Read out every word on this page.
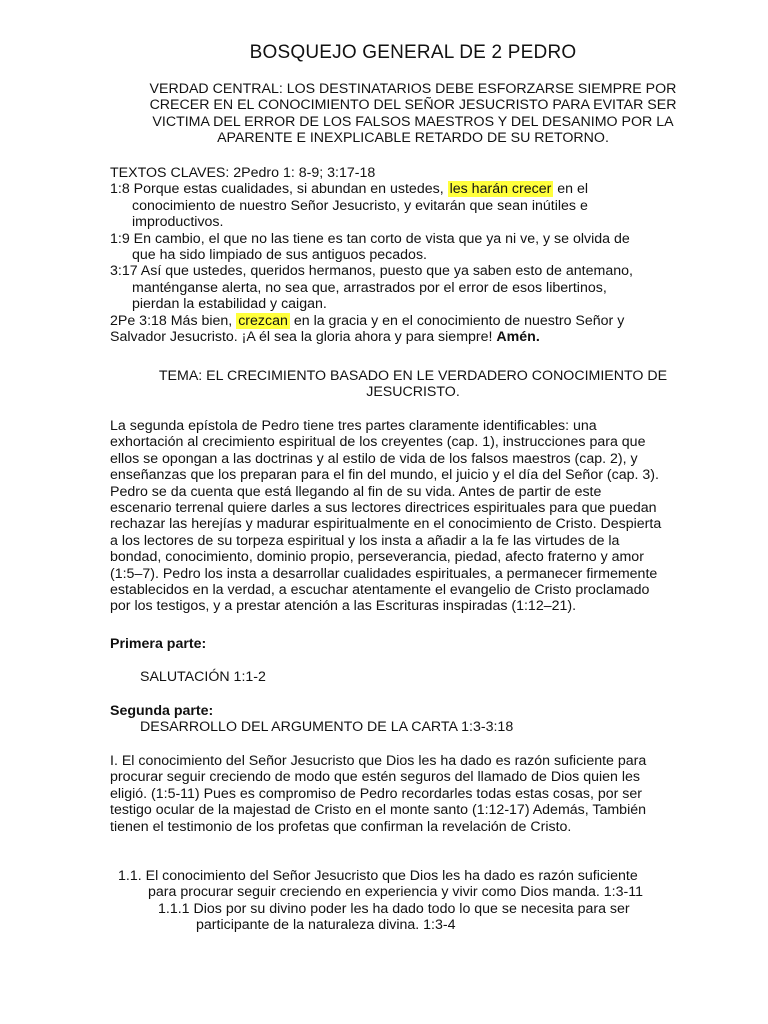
BOSQUEJO GENERAL DE 2 PEDRO
VERDAD CENTRAL: LOS DESTINATARIOS DEBE ESFORZARSE SIEMPRE POR
CRECER EN EL CONOCIMIENTO DEL SEÑOR JESUCRISTO PARA EVITAR SER
VICTIMA DEL ERROR DE LOS FALSOS MAESTROS Y DEL DESANIMO POR LA
APARENTE E INEXPLICABLE RETARDO DE SU RETORNO.
TEXTOS CLAVES: 2Pedro 1: 8-9; 3:17-18
1:8 Porque estas cualidades, si abundan en ustedes, les harán crecer en el
conocimiento de nuestro Señor Jesucristo, y evitarán que sean inútiles e
improductivos.
1:9 En cambio, el que no las tiene es tan corto de vista que ya ni ve, y se olvida de
que ha sido limpiado de sus antiguos pecados.
3:17 Así que ustedes, queridos hermanos, puesto que ya saben esto de antemano,
manténganse alerta, no sea que, arrastrados por el error de esos libertinos,
pierdan la estabilidad y caigan.
2Pe 3:18 Más bien, crezcan en la gracia y en el conocimiento de nuestro Señor y
Salvador Jesucristo. ¡A él sea la gloria ahora y para siempre! Amén.
TEMA: EL CRECIMIENTO BASADO EN LE VERDADERO CONOCIMIENTO DE
JESUCRISTO.
La segunda epístola de Pedro tiene tres partes claramente identificables: una
exhortación al crecimiento espiritual de los creyentes (cap. 1), instrucciones para que
ellos se opongan a las doctrinas y al estilo de vida de los falsos maestros (cap. 2), y
enseñanzas que los preparan para el fin del mundo, el juicio y el día del Señor (cap. 3).
Pedro se da cuenta que está llegando al fin de su vida. Antes de partir de este
escenario terrenal quiere darles a sus lectores directrices espirituales para que puedan
rechazar las herejías y madurar espiritualmente en el conocimiento de Cristo. Despierta
a los lectores de su torpeza espiritual y los insta a añadir a la fe las virtudes de la
bondad, conocimiento, dominio propio, perseverancia, piedad, afecto fraterno y amor
(1:5–7). Pedro los insta a desarrollar cualidades espirituales, a permanecer firmemente
establecidos en la verdad, a escuchar atentamente el evangelio de Cristo proclamado
por los testigos, y a prestar atención a las Escrituras inspiradas (1:12–21).
Primera parte:
SALUTACIÓN 1:1-2
Segunda parte:
DESARROLLO DEL ARGUMENTO DE LA CARTA 1:3-3:18
I. El conocimiento del Señor Jesucristo que Dios les ha dado es razón suficiente para
procurar seguir creciendo de modo que estén seguros del llamado de Dios quien les
eligió. (1:5-11) Pues es compromiso de Pedro recordarles todas estas cosas, por ser
testigo ocular de la majestad de Cristo en el monte santo (1:12-17) Además, También
tienen el testimonio de los profetas que confirman la revelación de Cristo.
1.1. El conocimiento del Señor Jesucristo que Dios les ha dado es razón suficiente
para procurar seguir creciendo en experiencia y vivir como Dios manda. 1:3-11
1.1.1 Dios por su divino poder les ha dado todo lo que se necesita para ser
participante de la naturaleza divina. 1:3-4
